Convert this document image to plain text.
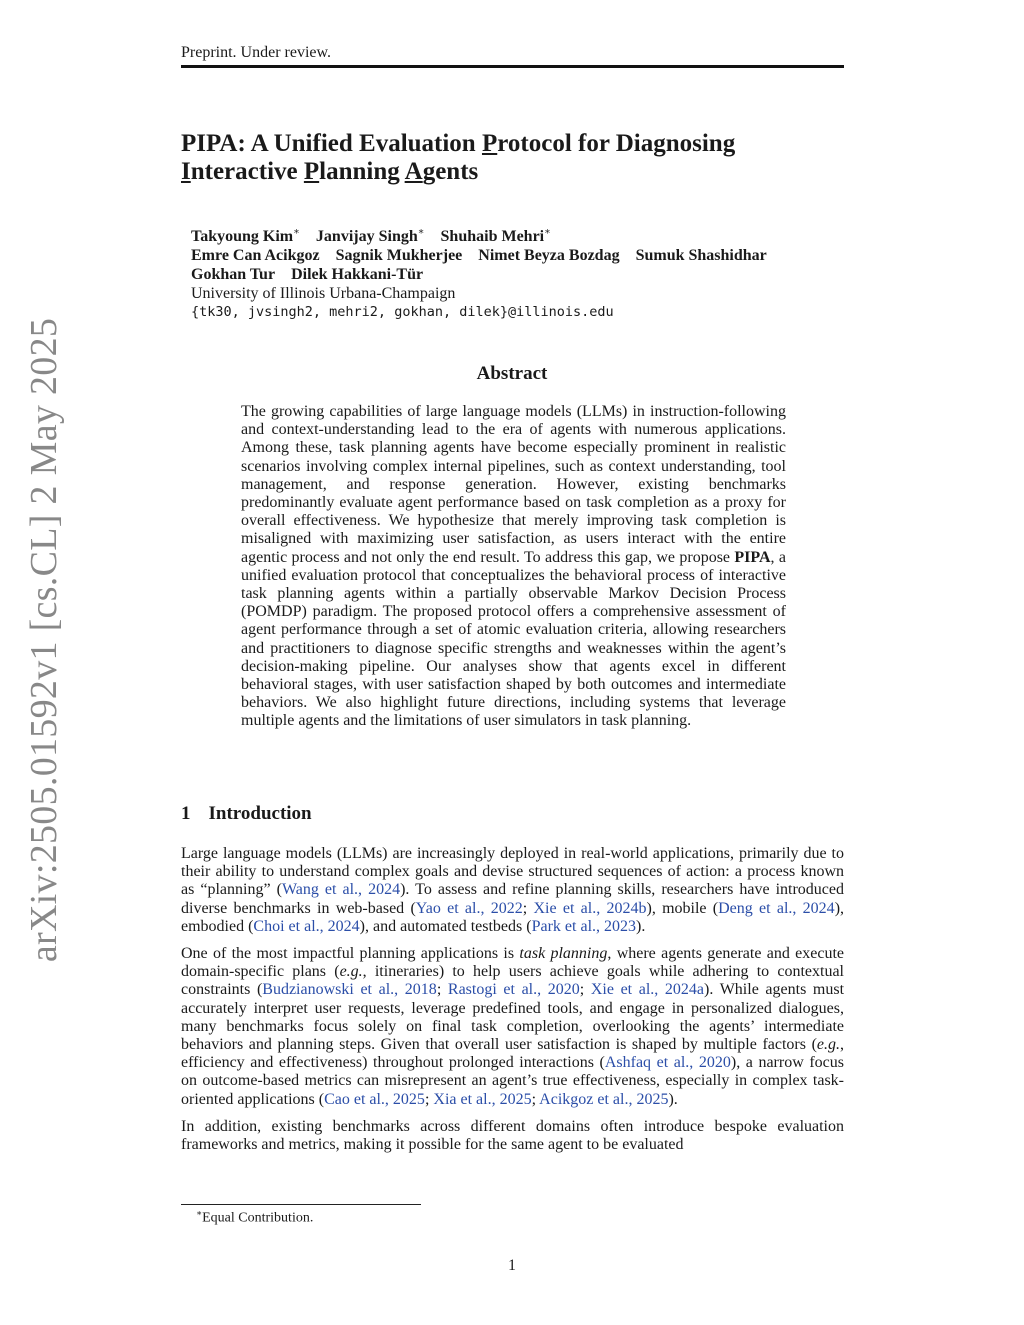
Preprint. Under review.
arXiv:2505.01592v1 [cs.CL] 2 May 2025
PIPA: A Unified Evaluation Protocol for Diagnosing
Interactive Planning Agents
Takyoung Kim∗ Janvijay Singh∗ Shuhaib Mehri∗
Emre Can Acikgoz Sagnik Mukherjee Nimet Beyza Bozdag Sumuk Shashidhar
Gokhan Tur Dilek Hakkani-Tür
University of Illinois Urbana-Champaign
{tk30, jvsingh2, mehri2, gokhan, dilek}@illinois.edu
Abstract
The growing capabilities of large language models (LLMs) in instruction-following and context-understanding lead to the era of agents with numerous applications. Among these, task planning agents have become especially prominent in realistic scenarios involving complex internal pipelines, such as context understanding, tool management, and response generation. However, existing benchmarks predominantly evaluate agent performance based on task completion as a proxy for overall effectiveness. We hypothesize that merely improving task completion is misaligned with maximizing user satisfaction, as users interact with the entire agentic process and not only the end result. To address this gap, we propose PIPA, a unified evaluation protocol that conceptualizes the behavioral process of interactive task planning agents within a partially observable Markov Decision Process (POMDP) paradigm. The proposed protocol offers a comprehensive assessment of agent performance through a set of atomic evaluation criteria, allowing researchers and practitioners to diagnose specific strengths and weaknesses within the agent’s decision-making pipeline. Our analyses show that agents excel in different behavioral stages, with user satisfaction shaped by both outcomes and intermediate behaviors. We also highlight future directions, including systems that leverage multiple agents and the limitations of user simulators in task planning.
1 Introduction

Large language models (LLMs) are increasingly deployed in real-world applications, primarily due to their ability to understand complex goals and devise structured sequences of action: a process known as “planning” (Wang et al., 2024). To assess and refine planning skills, researchers have introduced diverse benchmarks in web-based (Yao et al., 2022; Xie et al., 2024b), mobile (Deng et al., 2024), embodied (Choi et al., 2024), and automated testbeds (Park et al., 2023).

One of the most impactful planning applications is task planning, where agents generate and execute domain-specific plans (e.g., itineraries) to help users achieve goals while adhering to contextual constraints (Budzianowski et al., 2018; Rastogi et al., 2020; Xie et al., 2024a). While agents must accurately interpret user requests, leverage predefined tools, and engage in personalized dialogues, many benchmarks focus solely on final task completion, overlooking the agents’ intermediate behaviors and planning steps. Given that overall user satisfaction is shaped by multiple factors (e.g., efficiency and effectiveness) throughout prolonged interactions (Ashfaq et al., 2020), a narrow focus on outcome-based metrics can misrepresent an agent’s true effectiveness, especially in complex task-oriented applications (Cao et al., 2025; Xia et al., 2025; Acikgoz et al., 2025).

In addition, existing benchmarks across different domains often introduce bespoke evaluation frameworks and metrics, making it possible for the same agent to be evaluated

∗Equal Contribution.
1
